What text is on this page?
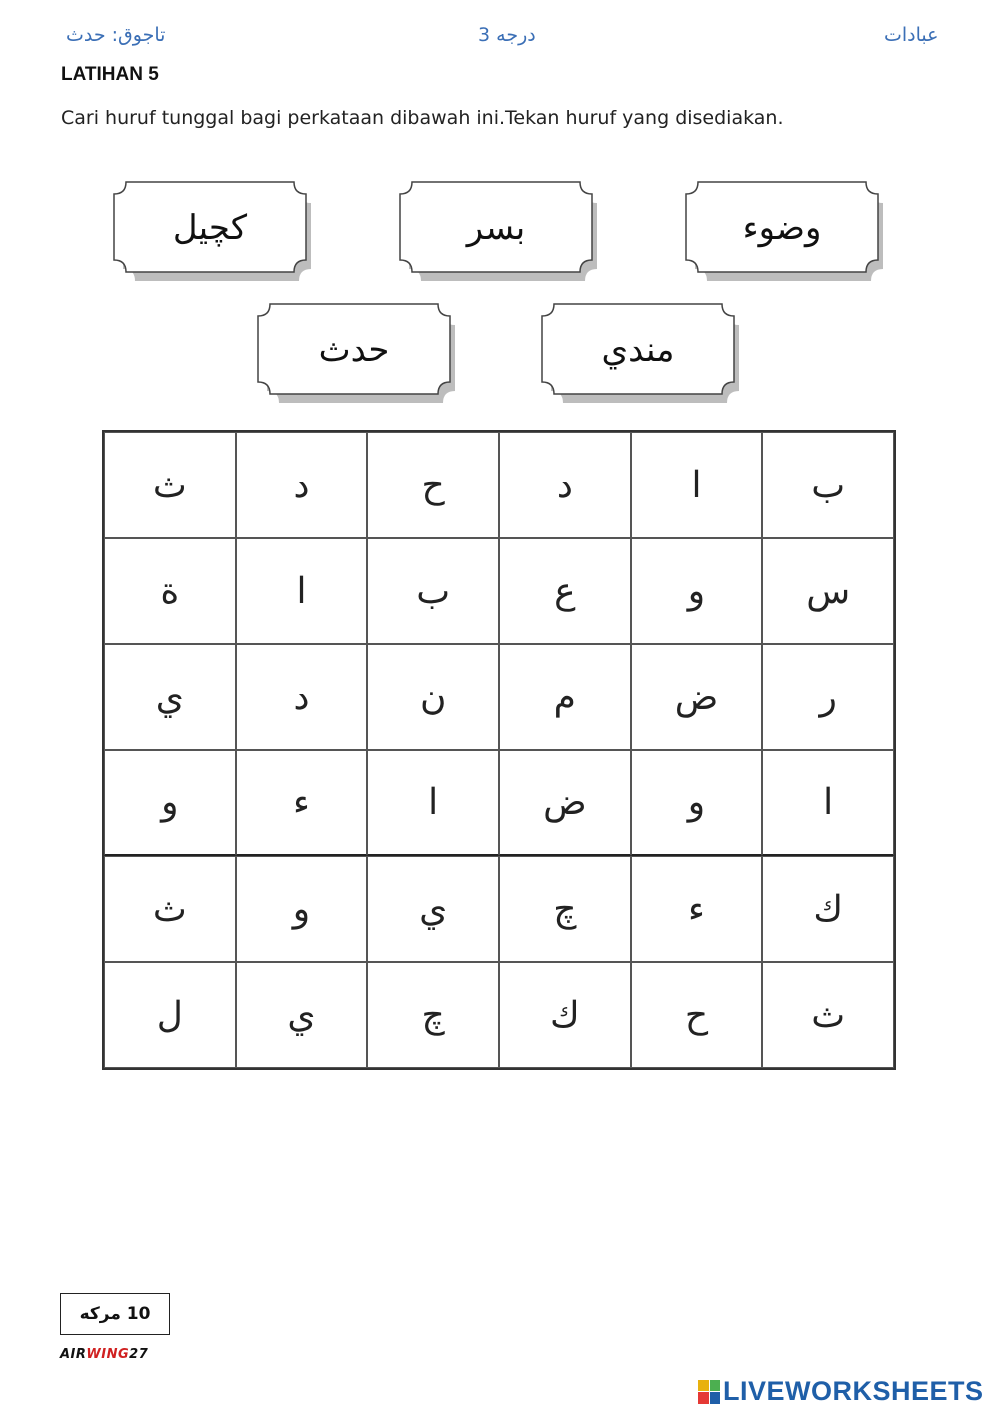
تاجوق: حدث	درجه 3	عبادات
LATIHAN 5
Cari huruf tunggal bagi perkataan dibawah ini.Tekan huruf yang disediakan.
كچيل	بسر	وضوء
حدث	مندي
ث	د	ح	د	ا	ب
ة	ا	ب	ع	و	س
ي	د	ن	م	ض	ر
و	ء	ا	ض	و	ا
ث	و	ي	چ	ء	ك
ل	ي	چ	ك	ح	ث
10 مركه
AIRWING27
LIVEWORKSHEETS
